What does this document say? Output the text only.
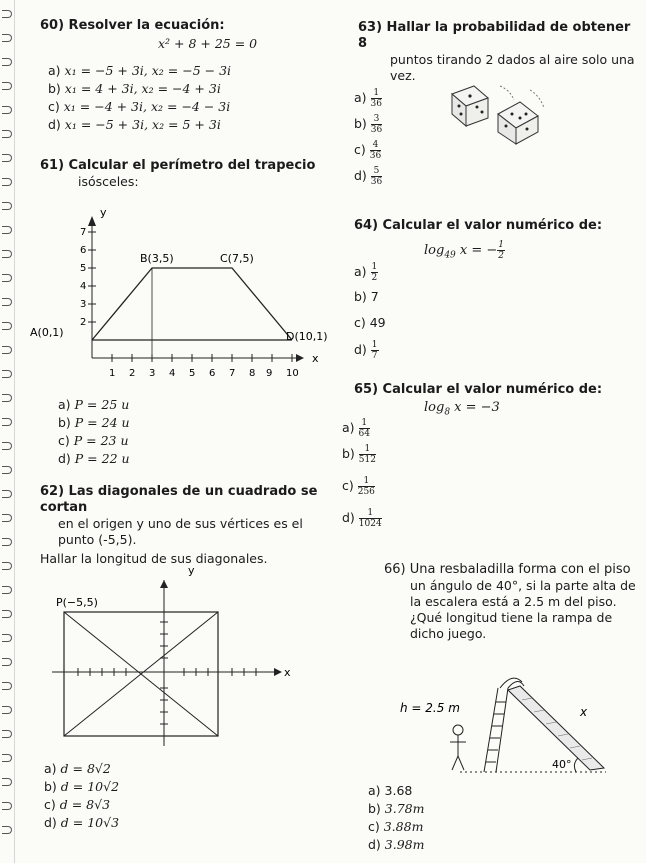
60) Resolver la ecuación:
x² + 8 + 25 = 0
a) x₁ = −5 + 3i, x₂ = −5 − 3i
b) x₁ = 4 + 3i, x₂ = −4 + 3i
c) x₁ = −4 + 3i, x₂ = −4 − 3i
d) x₁ = −5 + 3i, x₂ = 5 + 3i
61) Calcular el perímetro del trapecio
isósceles:
y
x
7
6
5
4
3
2
1 2 3 4 5 6 7 8 9 10
A(0,1)
B(3,5)	C(7,5)
D(10,1)
a) P = 25 u
b) P = 24 u
c) P = 23 u
d) P = 22 u
62) Las diagonales de un cuadrado se cortan
en el origen y uno de sus vértices es el
punto (-5,5).
Hallar la longitud de sus diagonales.
y
x
P(−5,5)
a) d = 8√2
b) d = 10√2
c) d = 8√3
d) d = 10√3
63) Hallar la probabilidad de obtener 8
puntos tirando 2 dados al aire solo una
vez.
$a) \frac{1}{36}$
$b) \frac{3}{36}$
$c) \frac{4}{36}$
$d) \frac{5}{36}$
64) Calcular el valor numérico de:
$\log_{49} x$ = − $\frac{1}{2}$
$a) \frac{1}{2}$
b) 7
c) 49
$d) \frac{1}{7}$
65) Calcular el valor numérico de:
$\log_8 x = -3$
$a) \frac{1}{64}$
$b) \frac{1}{512}$
$c) \frac{1}{256}$
$d) \frac{1}{1024}$
66) Una resbaladilla forma con el piso
un ángulo de 40°, si la parte alta de
la escalera está a 2.5 m del piso.
¿Qué longitud tiene la rampa de
dicho juego.
h = 2.5 m	x
40°
a) 3.68
b) 3.78m
c) 3.88m
d) 3.98m
